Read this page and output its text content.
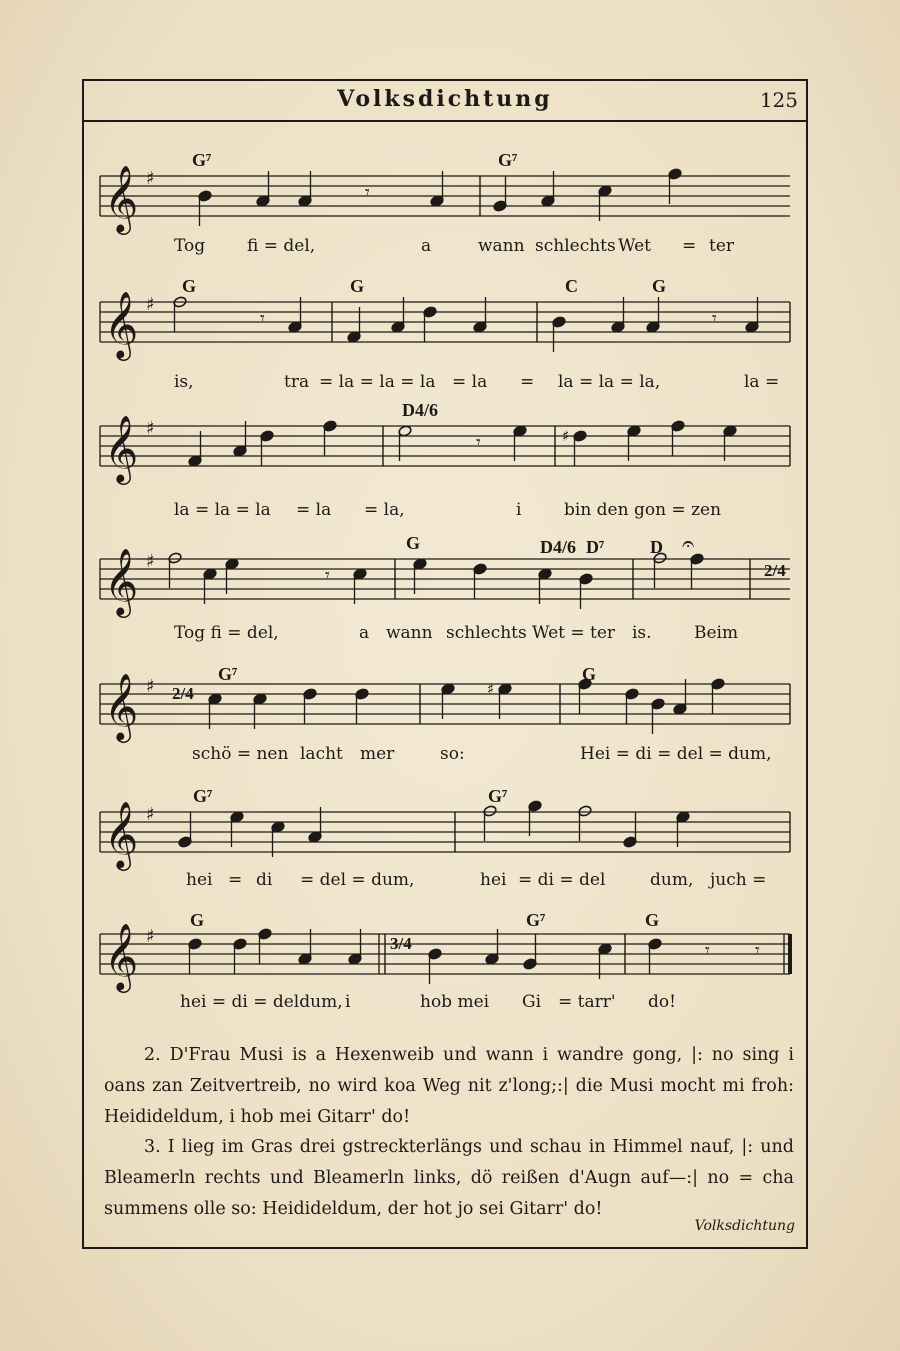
Volksdichtung	125
𝄞 ♯
𝄾
G⁷	G⁷
Tog fi = del,	a	wann schlechts Wet = ter
𝄞 ♯
𝄾	𝄾
G	G	C	G
is,	tra = la = la = la = la = la = la = la,	la =
𝄞 ♯
𝄾	♯
D4/6
la = la = la = la = la,	i	bin den gon = zen
𝄞 ♯
𝄾
𝄐
G	D4/6 D⁷	D
Tog fi = del,	a wann schlechts Wet = ter is. Beim
2/4
𝄞 ♯	♯
G⁷	G
2/4
schö = nen lacht mer	so:	Hei = di = del = dum,
𝄞 ♯
G⁷	G⁷
hei = di = del = dum,	hei = di = del	dum, juch =
𝄞 ♯
𝄾	𝄾
G	G⁷	G
3/4
hei = di = deldum, i	hob mei Gi = tarr' do!
2. D'Frau Musi is a Hexenweib und wann i wandre gong, |: no sing i oans zan Zeitvertreib, no wird koa Weg nit z'long;:| die Musi mocht mi froh: Heidideldum, i hob mei Gitarr' do!
3. I lieg im Gras drei gstreckterlängs und schau in Himmel nauf, |: und Bleamerln rechts und Bleamerln links, dö reißen d'Augn auf—:| no = cha summens olle so: Heidideldum, der hot jo sei Gitarr' do!
Volksdichtung
